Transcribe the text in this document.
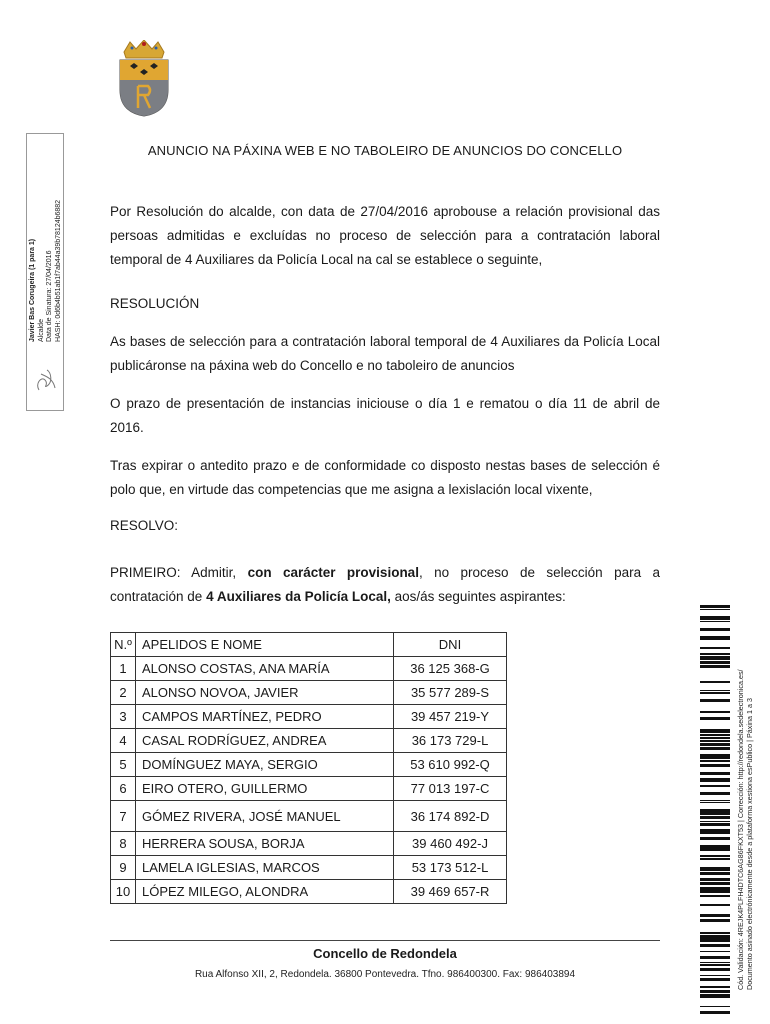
Javier Bas Corugeira (1 para 1) Alcalde Data de Sinatura: 27/04/2016 HASH: 0d6b4b51ab1f7ab44a39b78124b6882
ANUNCIO NA PÁXINA WEB E NO TABOLEIRO DE ANUNCIOS DO CONCELLO
Por Resolución do alcalde, con data de 27/04/2016 aprobouse a relación provisional das persoas admitidas e excluídas no proceso de selección para a contratación laboral temporal de 4 Auxiliares da Policía Local na cal se establece o seguinte,
RESOLUCIÓN
As bases de selección para a contratación laboral temporal de 4 Auxiliares da Policía Local publicáronse na páxina web do Concello e no taboleiro de anuncios
O prazo de presentación de instancias iniciouse o día 1 e rematou o día 11 de abril de 2016.
Tras expirar o antedito prazo e de conformidade co disposto nestas bases de selección é polo que, en virtude das competencias que me asigna a lexislación local vixente,
RESOLVO:
PRIMEIRO: Admitir, con carácter provisional, no proceso de selección para a contratación de 4 Auxiliares da Policía Local, aos/ás seguintes aspirantes:
N.º	APELIDOS E NOME	DNI
1	ALONSO COSTAS, ANA MARÍA	36 125 368-G
2	ALONSO NOVOA, JAVIER	35 577 289-S
3	CAMPOS MARTÍNEZ, PEDRO	39 457 219-Y
4	CASAL RODRÍGUEZ, ANDREA	36 173 729-L
5	DOMÍNGUEZ MAYA, SERGIO	53 610 992-Q
6	EIRO OTERO, GUILLERMO	77 013 197-C
7	GÓMEZ RIVERA, JOSÉ MANUEL	36 174 892-D
8	HERRERA SOUSA, BORJA	39 460 492-J
9	LAMELA IGLESIAS, MARCOS	53 173 512-L
10	LÓPEZ MILEGO, ALONDRA	39 469 657-R
Concello de Redondela
Rua Alfonso XII, 2, Redondela. 36800 Pontevedra. Tfno. 986400300. Fax: 986403894	Cód. Validación: 4REJK4PLFH4DTC6AG86FKXT53 | Corrección: http://redondela.sedelectronica.es/ Documento asinado electrónicamente desde a plataforma xestiona esPublico | Páxina 1 a 3
